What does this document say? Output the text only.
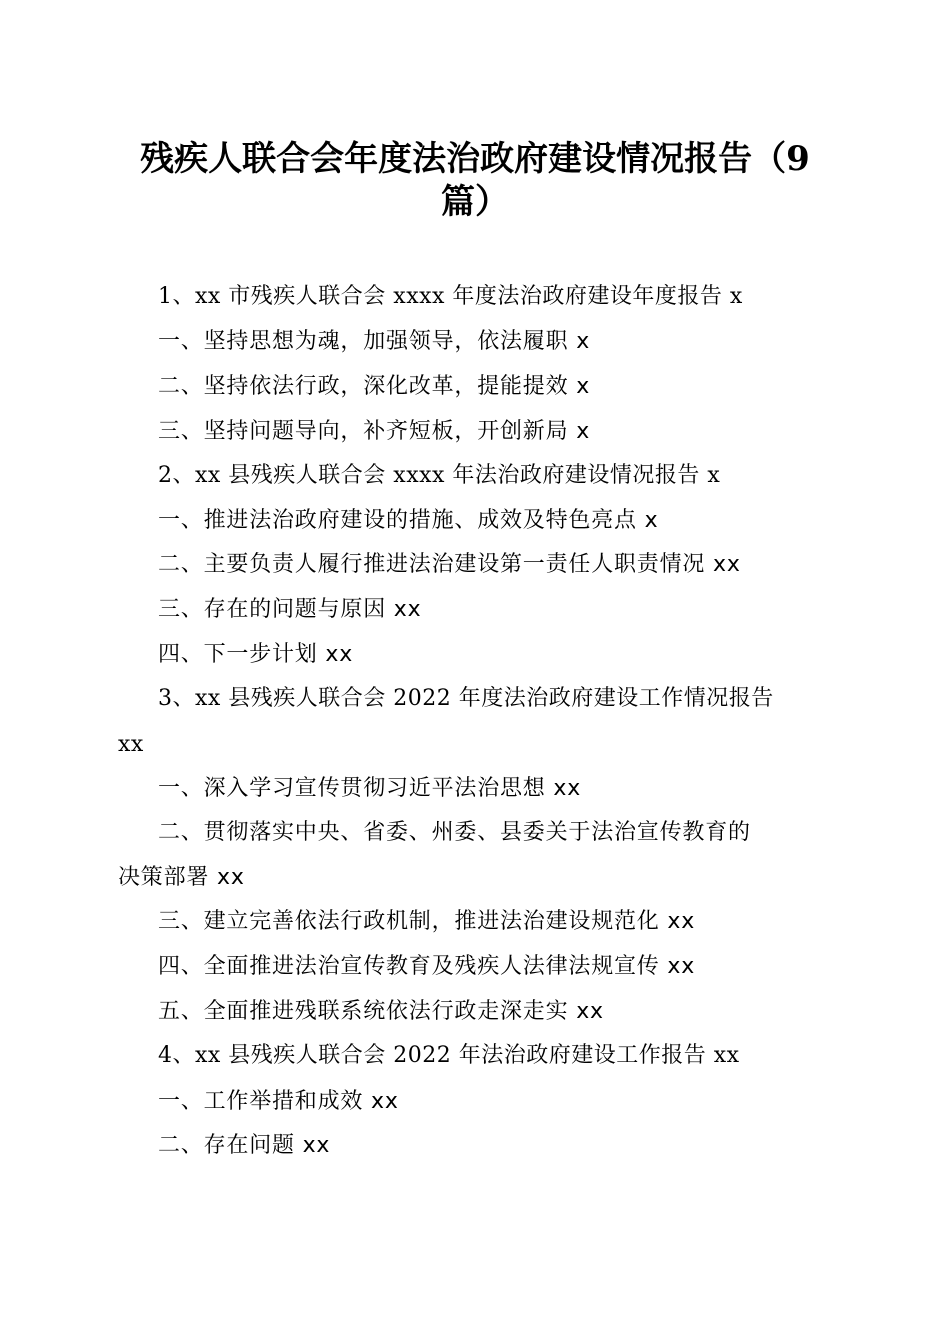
残疾人联合会年度法治政府建设情况报告（9
篇）
1、xx 市残疾人联合会 xxxx 年度法治政府建设年度报告 x
一、坚持思想为魂，加强领导，依法履职 x
二、坚持依法行政，深化改革，提能提效 x
三、坚持问题导向，补齐短板，开创新局 x
2、xx 县残疾人联合会 xxxx 年法治政府建设情况报告 x
一、推进法治政府建设的措施、成效及特色亮点 x
二、主要负责人履行推进法治建设第一责任人职责情况 xx
三、存在的问题与原因 xx
四、下一步计划 xx
3、xx 县残疾人联合会 2022 年度法治政府建设工作情况报告
xx
一、深入学习宣传贯彻习近平法治思想 xx
二、贯彻落实中央、省委、州委、县委关于法治宣传教育的
决策部署 xx
三、建立完善依法行政机制，推进法治建设规范化 xx
四、全面推进法治宣传教育及残疾人法律法规宣传 xx
五、全面推进残联系统依法行政走深走实 xx
4、xx 县残疾人联合会 2022 年法治政府建设工作报告 xx
一、工作举措和成效 xx
二、存在问题 xx
